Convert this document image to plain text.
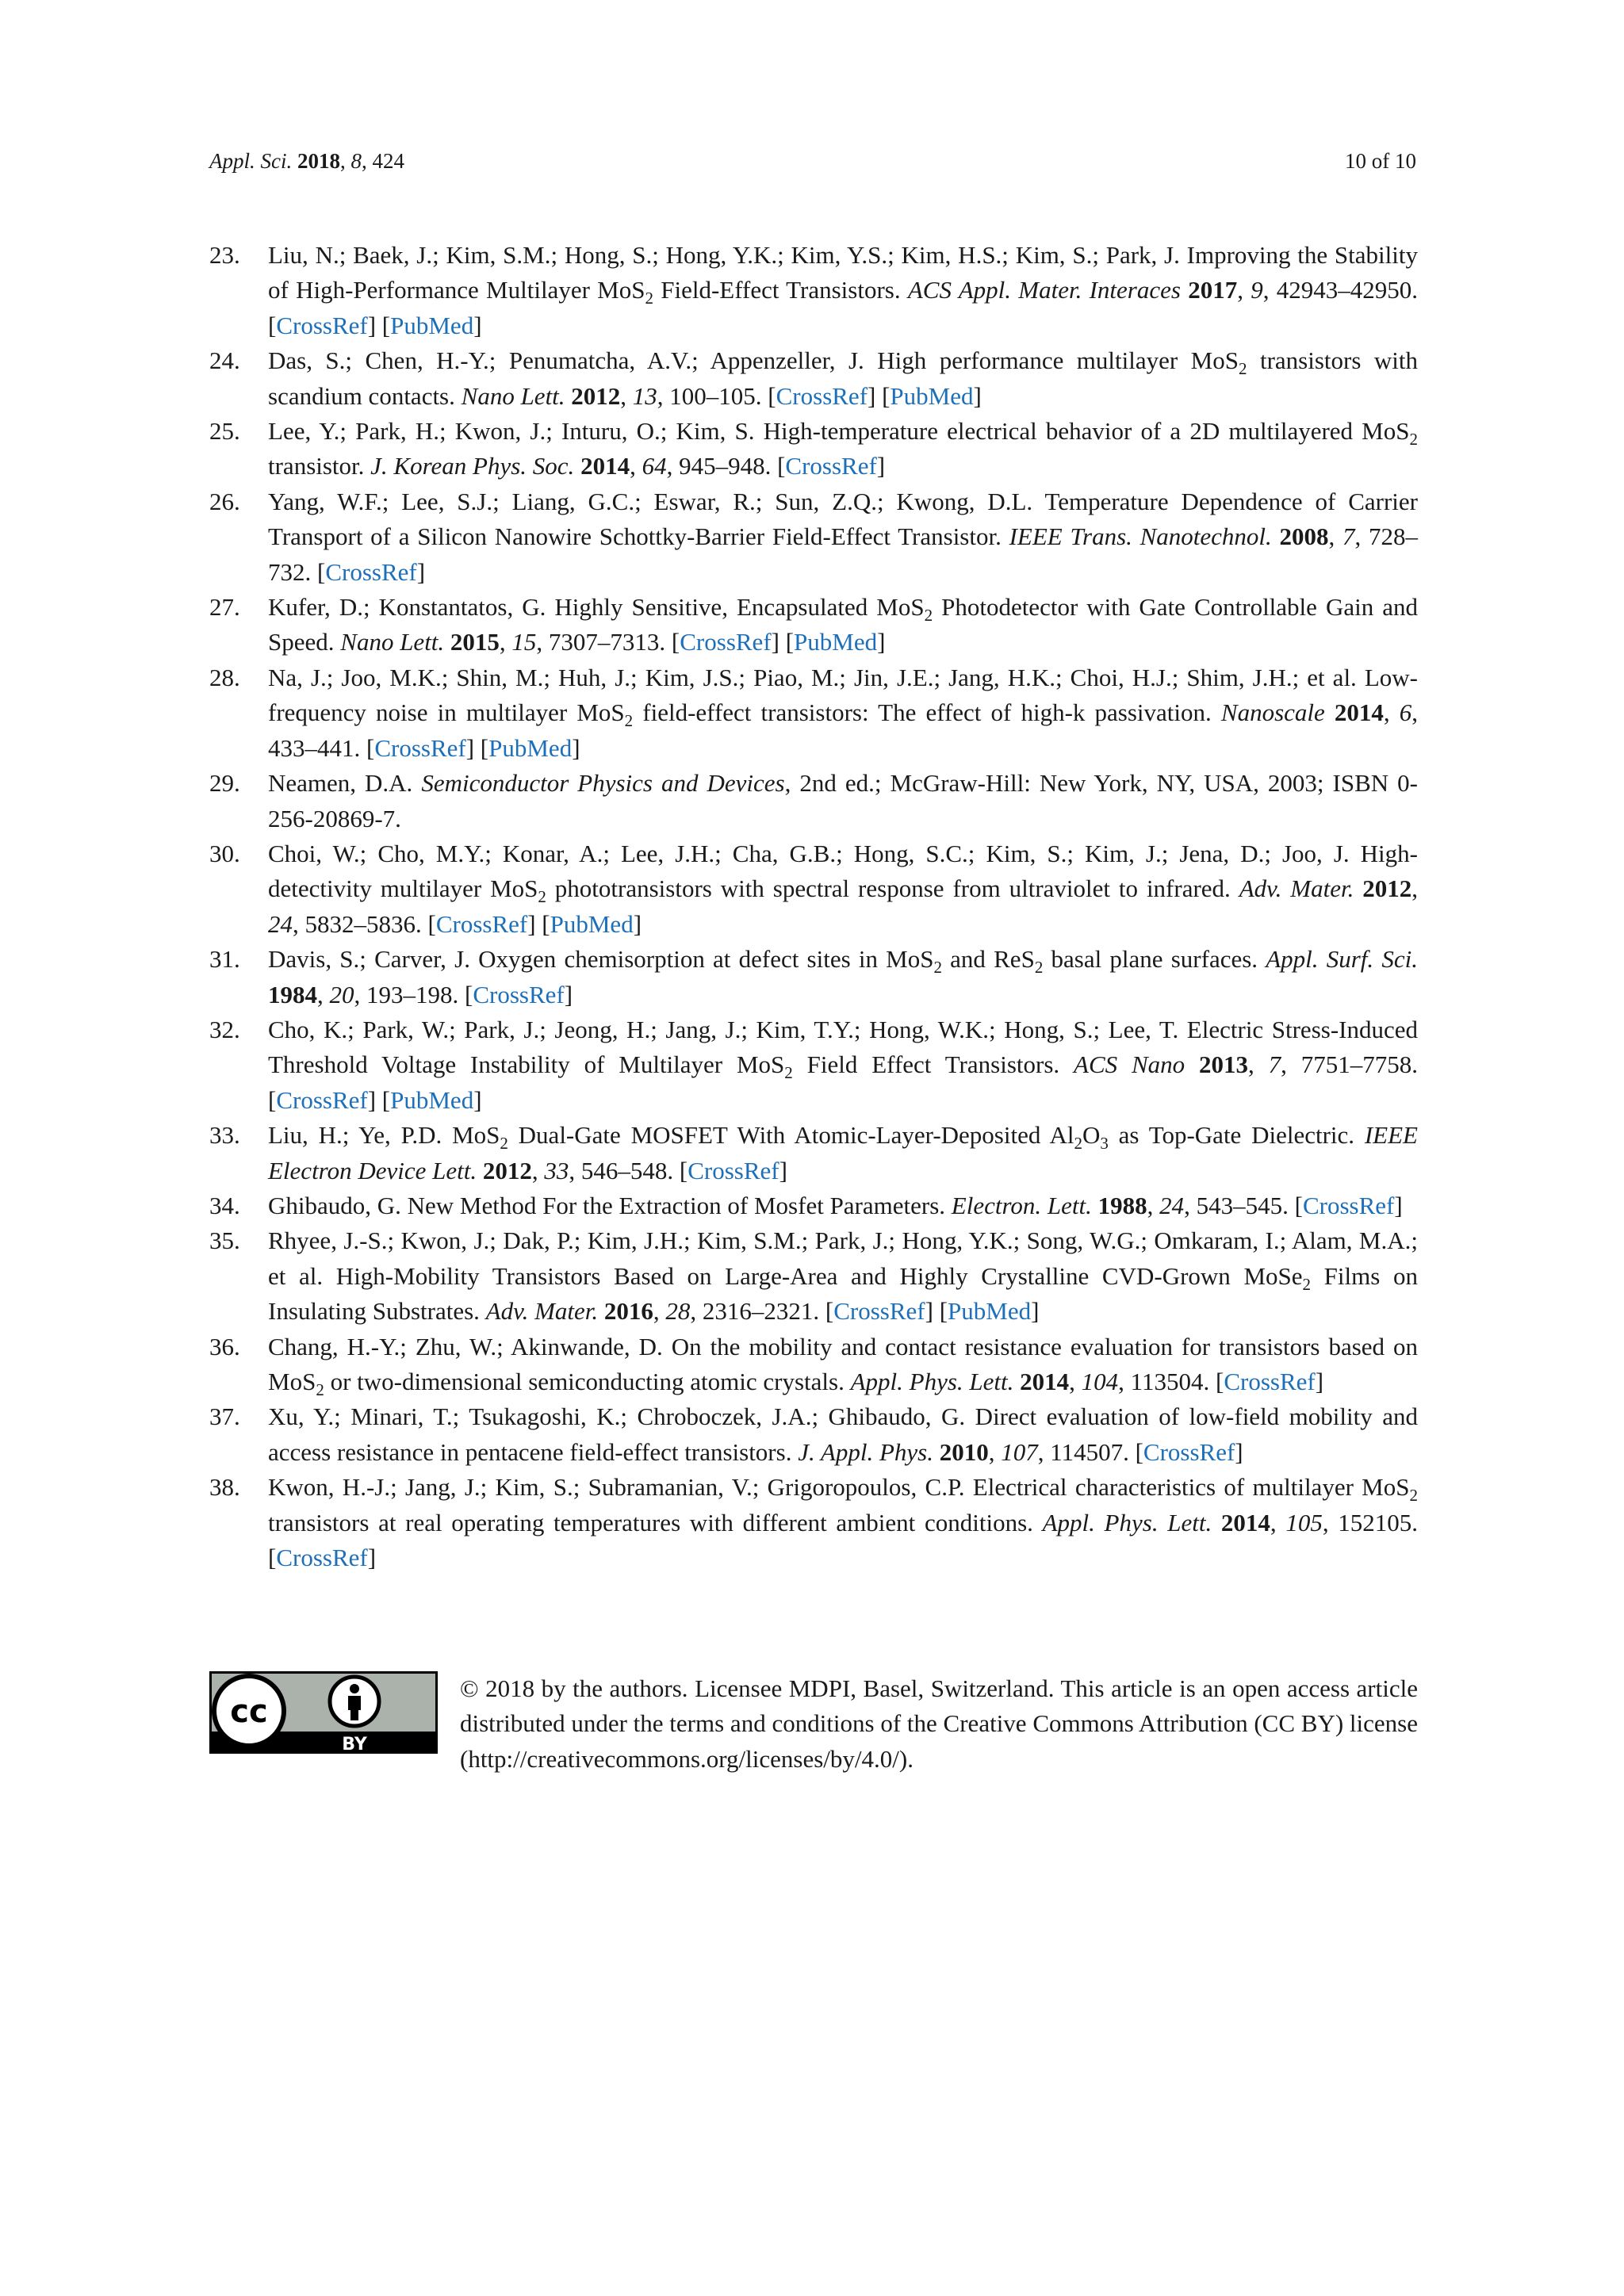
Appl. Sci. 2018, 8, 424	10 of 10
23. Liu, N.; Baek, J.; Kim, S.M.; Hong, S.; Hong, Y.K.; Kim, Y.S.; Kim, H.S.; Kim, S.; Park, J. Improving the Stability of High-Performance Multilayer MoS$_2$ Field-Effect Transistors. ACS Appl. Mater. Interaces 2017, 9, 42943–42950. [CrossRef] [PubMed]
24. Das, S.; Chen, H.-Y.; Penumatcha, A.V.; Appenzeller, J. High performance multilayer MoS$_2$ transistors with scandium contacts. Nano Lett. 2012, 13, 100–105. [CrossRef] [PubMed]
25. Lee, Y.; Park, H.; Kwon, J.; Inturu, O.; Kim, S. High-temperature electrical behavior of a 2D multilayered MoS$_2$ transistor. J. Korean Phys. Soc. 2014, 64, 945–948. [CrossRef]
26. Yang, W.F.; Lee, S.J.; Liang, G.C.; Eswar, R.; Sun, Z.Q.; Kwong, D.L. Temperature Dependence of Carrier Transport of a Silicon Nanowire Schottky-Barrier Field-Effect Transistor. IEEE Trans. Nanotechnol. 2008, 7, 728–732. [CrossRef]
27. Kufer, D.; Konstantatos, G. Highly Sensitive, Encapsulated MoS$_2$ Photodetector with Gate Controllable Gain and Speed. Nano Lett. 2015, 15, 7307–7313. [CrossRef] [PubMed]
28. Na, J.; Joo, M.K.; Shin, M.; Huh, J.; Kim, J.S.; Piao, M.; Jin, J.E.; Jang, H.K.; Choi, H.J.; Shim, J.H.; et al. Low-frequency noise in multilayer MoS$_2$ field-effect transistors: The effect of high-k passivation. Nanoscale 2014, 6, 433–441. [CrossRef] [PubMed]
29. Neamen, D.A. Semiconductor Physics and Devices, 2nd ed.; McGraw-Hill: New York, NY, USA, 2003; ISBN 0-256-20869-7.
30. Choi, W.; Cho, M.Y.; Konar, A.; Lee, J.H.; Cha, G.B.; Hong, S.C.; Kim, S.; Kim, J.; Jena, D.; Joo, J. High-detectivity multilayer MoS$_2$ phototransistors with spectral response from ultraviolet to infrared. Adv. Mater. 2012, 24, 5832–5836. [CrossRef] [PubMed]
31. Davis, S.; Carver, J. Oxygen chemisorption at defect sites in MoS$_2$ and ReS$_2$ basal plane surfaces. Appl. Surf. Sci. 1984, 20, 193–198. [CrossRef]
32. Cho, K.; Park, W.; Park, J.; Jeong, H.; Jang, J.; Kim, T.Y.; Hong, W.K.; Hong, S.; Lee, T. Electric Stress-Induced Threshold Voltage Instability of Multilayer MoS$_2$ Field Effect Transistors. ACS Nano 2013, 7, 7751–7758. [CrossRef] [PubMed]
33. Liu, H.; Ye, P.D. MoS$_2$ Dual-Gate MOSFET With Atomic-Layer-Deposited $Al_2O_3$ as Top-Gate Dielectric. IEEE Electron Device Lett. 2012, 33, 546–548. [CrossRef]
34. Ghibaudo, G. New Method For the Extraction of Mosfet Parameters. Electron. Lett. 1988, 24, 543–545. [CrossRef]
35. Rhyee, J.-S.; Kwon, J.; Dak, P.; Kim, J.H.; Kim, S.M.; Park, J.; Hong, Y.K.; Song, W.G.; Omkaram, I.; Alam, M.A.; et al. High-Mobility Transistors Based on Large-Area and Highly Crystalline CVD-Grown MoSe$_2$ Films on Insulating Substrates. Adv. Mater. 2016, 28, 2316–2321. [CrossRef] [PubMed]
36. Chang, H.-Y.; Zhu, W.; Akinwande, D. On the mobility and contact resistance evaluation for transistors based on MoS$_2$ or two-dimensional semiconducting atomic crystals. Appl. Phys. Lett. 2014, 104, 113504. [CrossRef]
37. Xu, Y.; Minari, T.; Tsukagoshi, K.; Chroboczek, J.A.; Ghibaudo, G. Direct evaluation of low-field mobility and access resistance in pentacene field-effect transistors. J. Appl. Phys. 2010, 107, 114507. [CrossRef]
38. Kwon, H.-J.; Jang, J.; Kim, S.; Subramanian, V.; Grigoropoulos, C.P. Electrical characteristics of multilayer MoS$_2$ transistors at real operating temperatures with different ambient conditions. Appl. Phys. Lett. 2014, 105, 152105. [CrossRef]
cc
BY
© 2018 by the authors. Licensee MDPI, Basel, Switzerland. This article is an open access article distributed under the terms and conditions of the Creative Commons Attribution (CC BY) license (http://creativecommons.org/licenses/by/4.0/).
